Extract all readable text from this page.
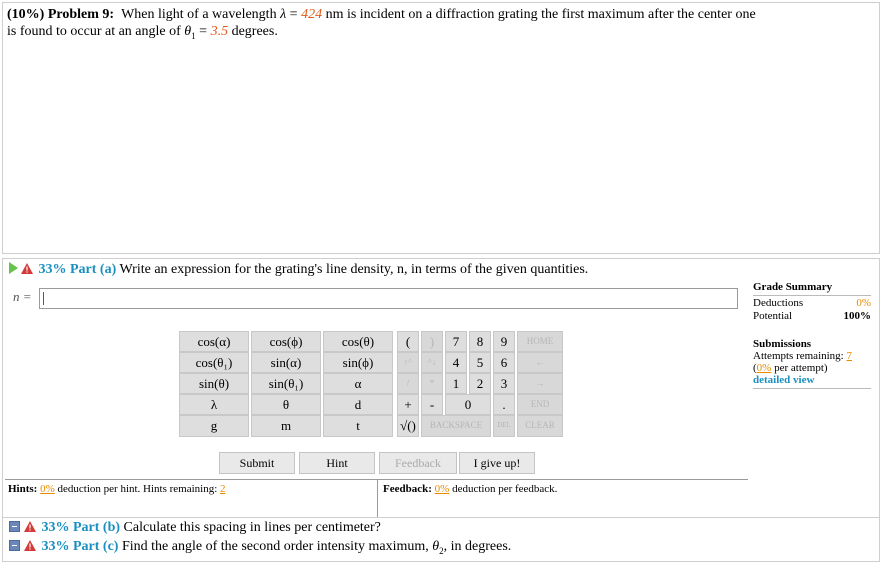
(10%) Problem 9: When light of a wavelength λ = 424 nm is incident on a diffraction grating the first maximum after the center one
is found to occur at an angle of $\theta_1 = 3.5$ degrees.
33% Part (a) Write an expression for the grating's line density, n, in terms of the given quantities.
n =
cos(α)	cos(ϕ)	cos(θ)
cos(θ₁)	sin(α)	sin(ϕ)
sin(θ)	sin(θ₁)	α
λ	θ	d
g	m	t
(	)
↑^	^↓
/	*
+	-
√()
7	8	9
4	5	6
1	2	3
0	.
BACKSPACE	DEL
HOME
←
→
END
CLEAR
Submit	Hint	Feedback	I give up!
Hints: 0% deduction per hint. Hints remaining: 2	Feedback: 0% deduction per feedback.
Grade Summary
Deductions	0%
Potential	100%
Submissions
Attempts remaining: 7
(0% per attempt)
detailed view
33% Part (b) Calculate this spacing in lines per centimeter?
33% Part (c) Find the angle of the second order intensity maximum, $\theta_2$, in degrees.
